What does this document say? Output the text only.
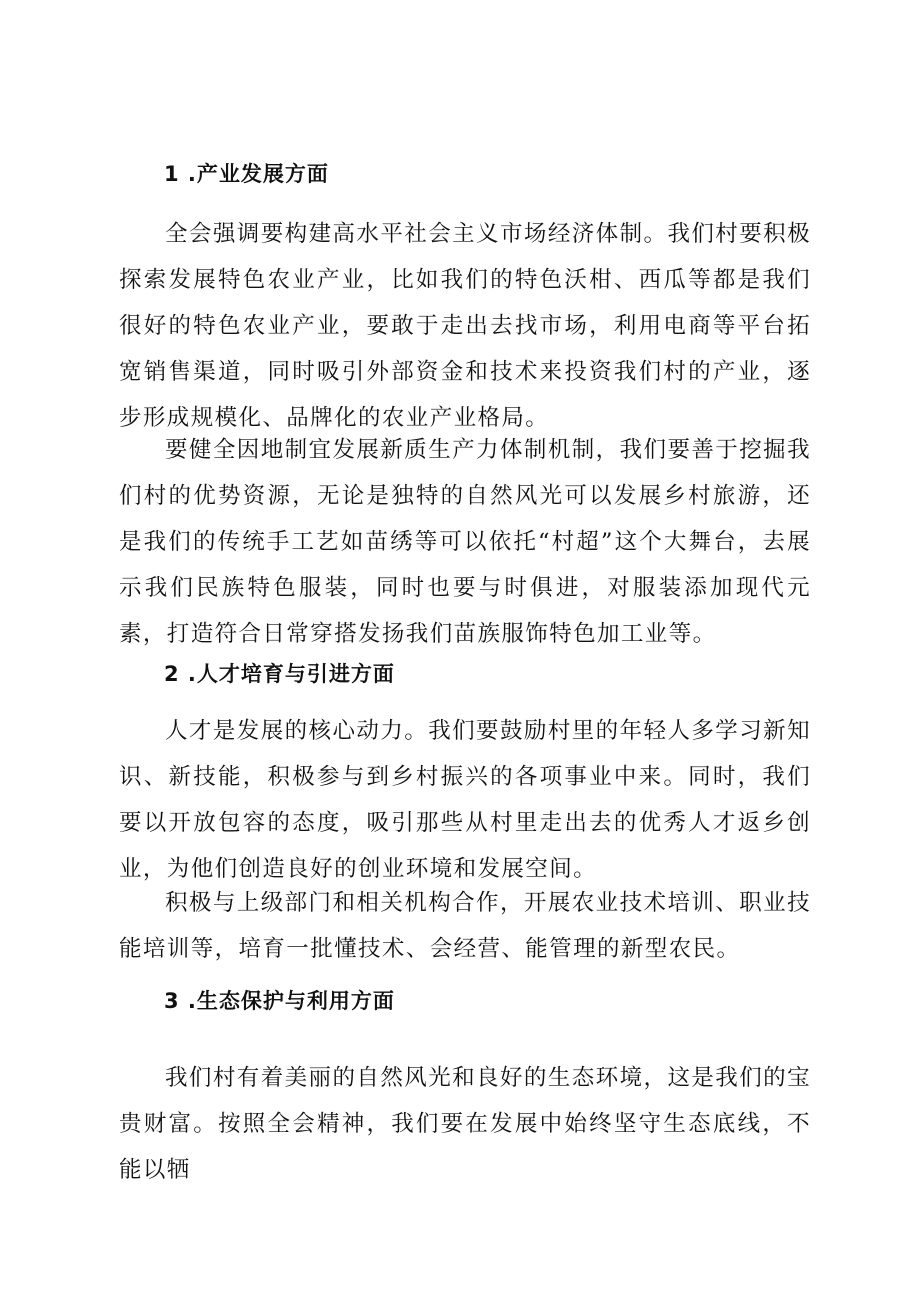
1 .产业发展方面

全会强调要构建高水平社会主义市场经济体制。我们村要积极探索发展特色农业产业，比如我们的特色沃柑、西瓜等都是我们很好的特色农业产业，要敢于走出去找市场，利用电商等平台拓宽销售渠道，同时吸引外部资金和技术来投资我们村的产业，逐步形成规模化、品牌化的农业产业格局。

要健全因地制宜发展新质生产力体制机制，我们要善于挖掘我们村的优势资源，无论是独特的自然风光可以发展乡村旅游，还是我们的传统手工艺如苗绣等可以依托“村超”这个大舞台，去展示我们民族特色服装，同时也要与时俱进，对服装添加现代元素，打造符合日常穿搭发扬我们苗族服饰特色加工业等。

2 .人才培育与引进方面

人才是发展的核心动力。我们要鼓励村里的年轻人多学习新知识、新技能，积极参与到乡村振兴的各项事业中来。同时，我们要以开放包容的态度，吸引那些从村里走出去的优秀人才返乡创业，为他们创造良好的创业环境和发展空间。

积极与上级部门和相关机构合作，开展农业技术培训、职业技能培训等，培育一批懂技术、会经营、能管理的新型农民。

3 .生态保护与利用方面

我们村有着美丽的自然风光和良好的生态环境，这是我们的宝贵财富。按照全会精神，我们要在发展中始终坚守生态底线，不能以牺
